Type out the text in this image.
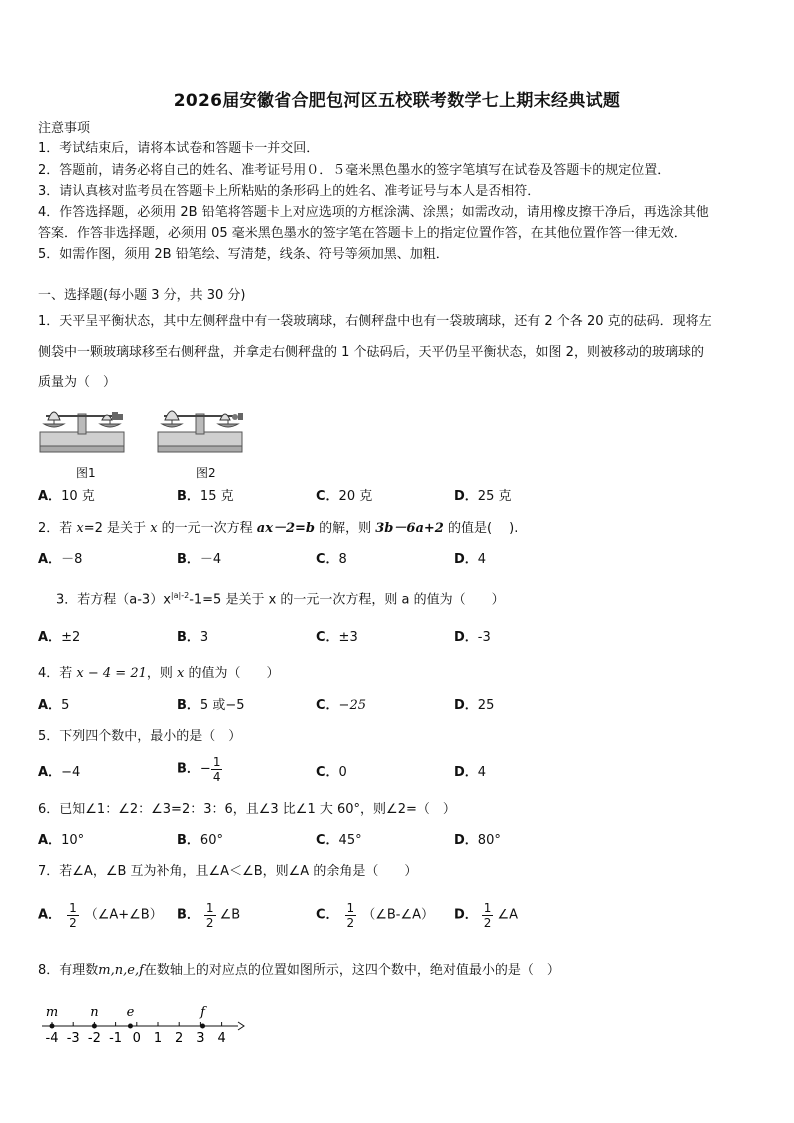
2026届安徽省合肥包河区五校联考数学七上期末经典试题
注意事项
1．考试结束后，请将本试卷和答题卡一并交回．
2．答题前，请务必将自己的姓名、准考证号用０．５毫米黑色墨水的签字笔填写在试卷及答题卡的规定位置．
3．请认真核对监考员在答题卡上所粘贴的条形码上的姓名、准考证号与本人是否相符．
4．作答选择题，必须用 2B 铅笔将答题卡上对应选项的方框涂满、涂黑；如需改动，请用橡皮擦干净后，再选涂其他
答案．作答非选择题，必须用 05 毫米黑色墨水的签字笔在答题卡上的指定位置作答，在其他位置作答一律无效．
5．如需作图，须用 2B 铅笔绘、写清楚，线条、符号等须加黑、加粗．
一、选择题(每小题 3 分，共 30 分)
1．天平呈平衡状态，其中左侧秤盘中有一袋玻璃球，右侧秤盘中也有一袋玻璃球，还有 2 个各 20 克的砝码．现将左
侧袋中一颗玻璃球移至右侧秤盘，并拿走右侧秤盘的 1 个砝码后，天平仍呈平衡状态，如图 2，则被移动的玻璃球的
质量为（　）
图1	图2
A．10 克	B．15 克	C．20 克	D．25 克
2．若 x=2 是关于 x 的一元一次方程 ax－2=b 的解，则 3b－6a+2 的值是(　 ).
A．－8	B．－4	C．8	D．4
3．若方程$(a-3)x^{|a|-2}-1=5$ 是关于 x 的一元一次方程，则 a 的值为（　　）
A．±2	B．3	C．±3	D．-3
4．若 x − 4 = 21，则 x 的值为（　　）
A．5	B．5 或−5	C．−25	D．25
5．下列四个数中，最小的是（　）
A．−4	B．− $\frac{1}{4}$	C．0	D．4
6．已知∠1：∠2：∠3=2：3：6，且∠3 比∠1 大 60°，则∠2=（　）
A．10°	B．60°	C．45°	D．80°
7．若∠A，∠B 互为补角，且∠A＜∠B，则∠A 的余角是（　　）
A． $\frac{1}{2}$ （∠A+∠B） B． $\frac{1}{2}$ ∠B	C． $\frac{1}{2}$ （∠B-∠A） D． $\frac{1}{2}$ ∠A
8．有理数m,n,e,f在数轴上的对应点的位置如图所示，这四个数中，绝对值最小的是（　）
-4 -3 -2 -1 0 1 2 3 4
m n e	f
